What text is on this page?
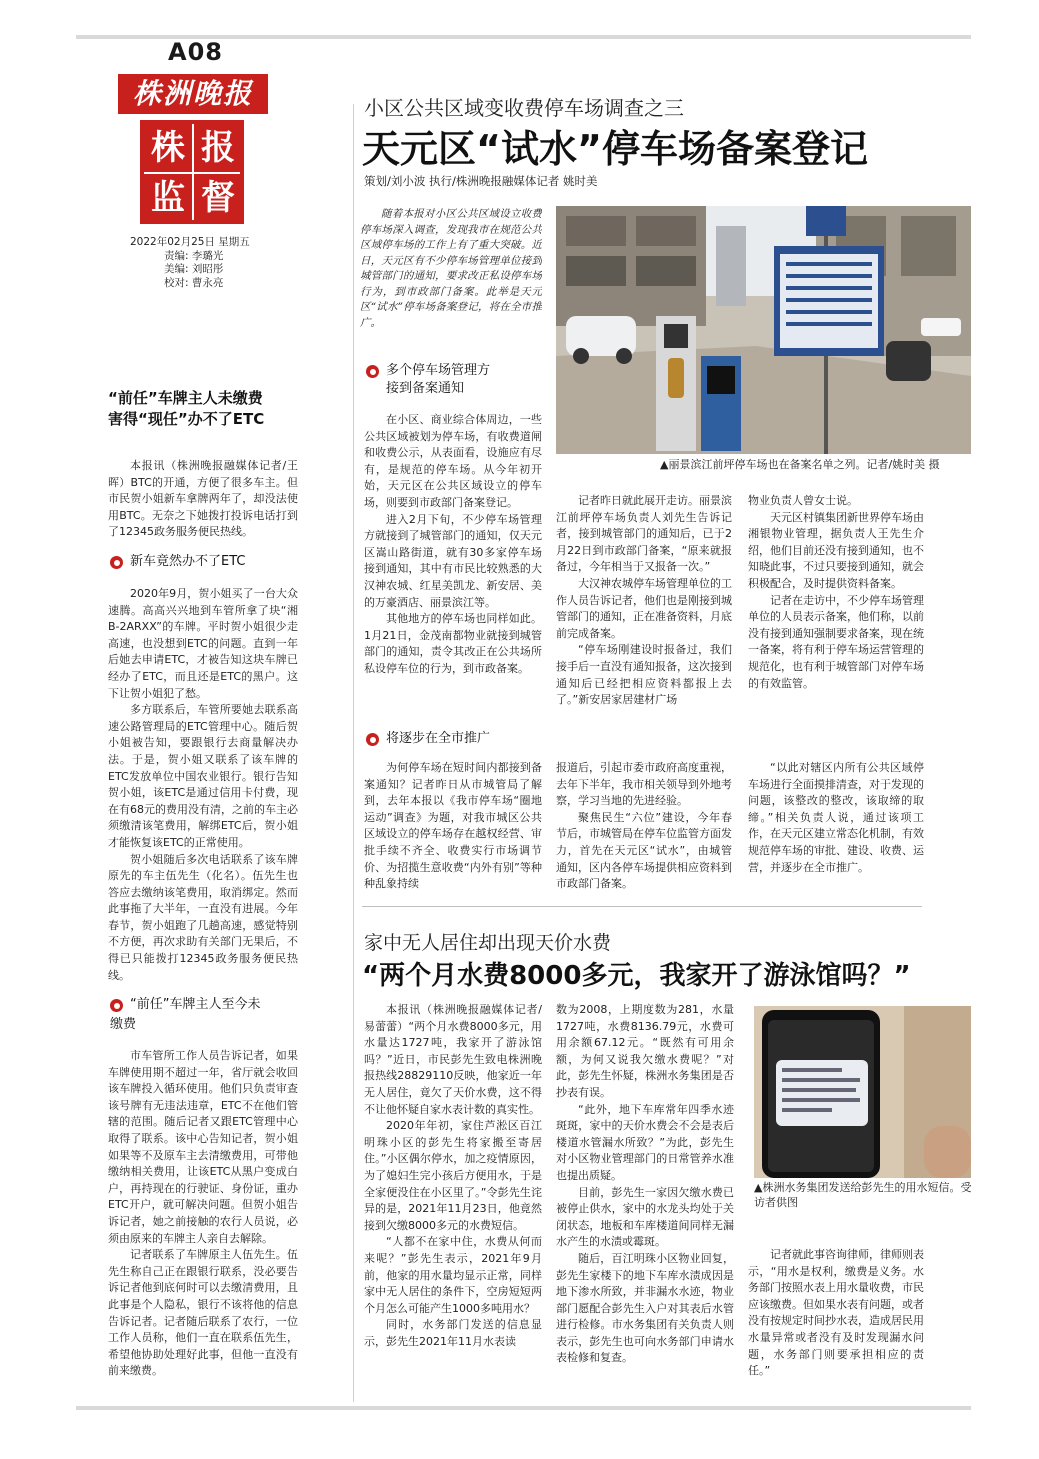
A08
株洲晚报
株 报
监 督
2022年02月25日 星期五
责编: 李璐光
美编: 刘昭彤
校对: 曹永亮
小区公共区域变收费停车场调查之三
天元区“试水”停车场备案登记
策划/刘小波 执行/株洲晚报融媒体记者 姚时美

随着本报对小区公共区域设立收费停车场深入调查，发现我市在规范公共区域停车场的工作上有了重大突破。近日，天元区有不少停车场管理单位接到城管部门的通知，要求改正私设停车场行为，到市政部门备案。此举是天元区“试水”停车场备案登记，将在全市推广。

▲丽景滨江前坪停车场也在备案名单之列。记者/姚时美 摄
多个停车场管理方
接到备案通知

在小区、商业综合体周边，一些公共区域被划为停车场，有收费道闸和收费公示，从表面看，设施应有尽有，是规范的停车场。从今年初开始，天元区在公共区域设立的停车场，则要到市政部门备案登记。

进入2月下旬，不少停车场管理方就接到了城管部门的通知，仅天元区嵩山路街道，就有30多家停车场接到通知，其中有市民比较熟悉的大汉神农城、红星美凯龙、新安居、美的万豪酒店、丽景滨江等。

其他地方的停车场也同样如此。1月21日，金茂南都物业就接到城管部门的通知，责令其改正在公共场所私设停车位的行为，到市政备案。

记者昨日就此展开走访。丽景滨江前坪停车场负责人刘先生告诉记者，接到城管部门的通知后，已于2月22日到市政部门备案，“原来就报备过，今年相当于又报备一次。”

大汉神农城停车场管理单位的工作人员告诉记者，他们也是刚接到城管部门的通知，正在准备资料，月底前完成备案。

“停车场刚建设时报备过，我们接手后一直没有通知报备，这次接到通知后已经把相应资料都报上去了。”新安居家居建材广场

物业负责人曾女士说。

天元区村镇集团新世界停车场由湘银物业管理，据负责人王先生介绍，他们目前还没有接到通知，也不知晓此事，不过只要接到通知，就会积极配合，及时提供资料备案。

记者在走访中，不少停车场管理单位的人员表示备案，他们称，以前没有接到通知强制要求备案，现在统一备案，将有利于停车场运营管理的规范化，也有利于城管部门对停车场的有效监管。

将逐步在全市推广

为何停车场在短时间内都接到备案通知？记者昨日从市城管局了解到，去年本报以《我市停车场“圈地运动”调查》为题，对我市城区公共区域设立的停车场存在越权经营、审批手续不齐全、收费实行市场调节价、为招揽生意收费“内外有别”等种种乱象持续

报道后，引起市委市政府高度重视，去年下半年，我市相关领导到外地考察，学习当地的先进经验。

聚焦民生“六位”建设，今年春节后，市城管局在停车位监管方面发力，首先在天元区“试水”，由城管通知，区内各停车场提供相应资料到市政部门备案。

“以此对辖区内所有公共区域停车场进行全面摸排清查，对于发现的问题，该整改的整改，该取缔的取缔。”相关负责人说，通过该项工作，在天元区建立常态化机制，有效规范停车场的审批、建设、收费、运营，并逐步在全市推广。

“前任”车牌主人未缴费
害得“现任”办不了ETC

本报讯（株洲晚报融媒体记者/王晖）BTC的开通，方便了很多车主。但市民贺小姐新车拿牌两年了，却没法使用BTC。无奈之下她拨打投诉电话打到了12345政务服务便民热线。

新车竟然办不了ETC

2020年9月，贺小姐买了一台大众速腾。高高兴兴地到车管所拿了块“湘B-2ARXX”的车牌。平时贺小姐很少走高速，也没想到ETC的问题。直到一年后她去申请ETC，才被告知这块车牌已经办了ETC，而且还是ETC的黑户。这下让贺小姐犯了愁。

多方联系后，车管所要她去联系高速公路管理局的ETC管理中心。随后贺小姐被告知，要跟银行去商量解决办法。于是，贺小姐又联系了该车牌的ETC发放单位中国农业银行。银行告知贺小姐，该ETC是通过信用卡付费，现在有68元的费用没有清，之前的车主必须缴清该笔费用，解绑ETC后，贺小姐才能恢复该ETC的正常使用。

贺小姐随后多次电话联系了该车牌原先的车主伍先生（化名）。伍先生也答应去缴纳该笔费用，取消绑定。然而此事拖了大半年，一直没有进展。今年春节，贺小姐跑了几趟高速，感觉特别不方便，再次求助有关部门无果后，不得已只能拨打12345政务服务便民热线。

“前任”车牌主人至今未
缴费

市车管所工作人员告诉记者，如果车牌使用期不超过一年，省厅就会收回该车牌投入循环使用。他们只负责审查该号牌有无违法违章，ETC不在他们管辖的范围。随后记者又跟ETC管理中心取得了联系。该中心告知记者，贺小姐如果等不及原车主去清缴费用，可带他缴纳相关费用，让该ETC从黑户变成白户，再持现在的行驶证、身份证，重办ETC开户，就可解决问题。但贺小姐告诉记者，她之前接触的农行人员说，必须由原来的车牌主人亲自去解除。

记者联系了车牌原主人伍先生。伍先生称自己正在跟银行联系，没必要告诉记者他到底何时可以去缴清费用，且此事是个人隐私，银行不该将他的信息告诉记者。记者随后联系了农行，一位工作人员称，他们一直在联系伍先生，希望他协助处理好此事，但他一直没有前来缴费。

家中无人居住却出现天价水费
“两个月水费8000多元，我家开了游泳馆吗？”

本报讯（株洲晚报融媒体记者/易蕾蕾）“两个月水费8000多元，用水量达1727吨，我家开了游泳馆吗？”近日，市民彭先生致电株洲晚报热线28829110反映，他家近一年无人居住，竟欠了天价水费，这不得不让他怀疑自家水表计数的真实性。

2020年年初，家住芦淞区百江明珠小区的彭先生将家搬至寄居住。”小区偶尔停水，加之疫情原因，为了媳妇生完小孩后方便用水，于是全家便没住在小区里了。”令彭先生诧异的是，2021年11月23日，他竟然接到欠缴8000多元的水费短信。

“人都不在家中住，水费从何而来呢？”彭先生表示，2021年9月前，他家的用水量均显示正常，同样家中无人居住的条件下，空房短短两个月怎么可能产生1000多吨用水？

同时，水务部门发送的信息显示，彭先生2021年11月水表读

数为2008，上期度数为281，水量1727吨，水费8136.79元，水费可用余额67.12元。“既然有可用余额，为何又说我欠缴水费呢？”对此，彭先生怀疑，株洲水务集团是否抄表有误。

“此外，地下车库常年四季水迹斑斑，家中的天价水费会不会是表后楼道水管漏水所致？”为此，彭先生对小区物业管理部门的日常管养水准也提出质疑。

目前，彭先生一家因欠缴水费已被停止供水，家中的水龙头均处于关闭状态，地板和车库楼道间同样无漏水产生的水渍或霉斑。

随后，百江明珠小区物业回复，彭先生家楼下的地下车库水渍成因是地下渗水所致，并非漏水水迹，物业部门愿配合彭先生入户对其表后水管进行检修。市水务集团有关负责人则表示，彭先生也可向水务部门申请水表检修和复查。

▲株洲水务集团发送给彭先生的用水短信。受访者供图

记者就此事咨询律师，律师则表示，“用水是权利，缴费是义务。水务部门按照水表上用水量收费，市民应该缴费。但如果水表有问题，或者没有按规定时间抄水表，造成居民用水量异常或者没有及时发现漏水问题，水务部门则要承担相应的责任。”
